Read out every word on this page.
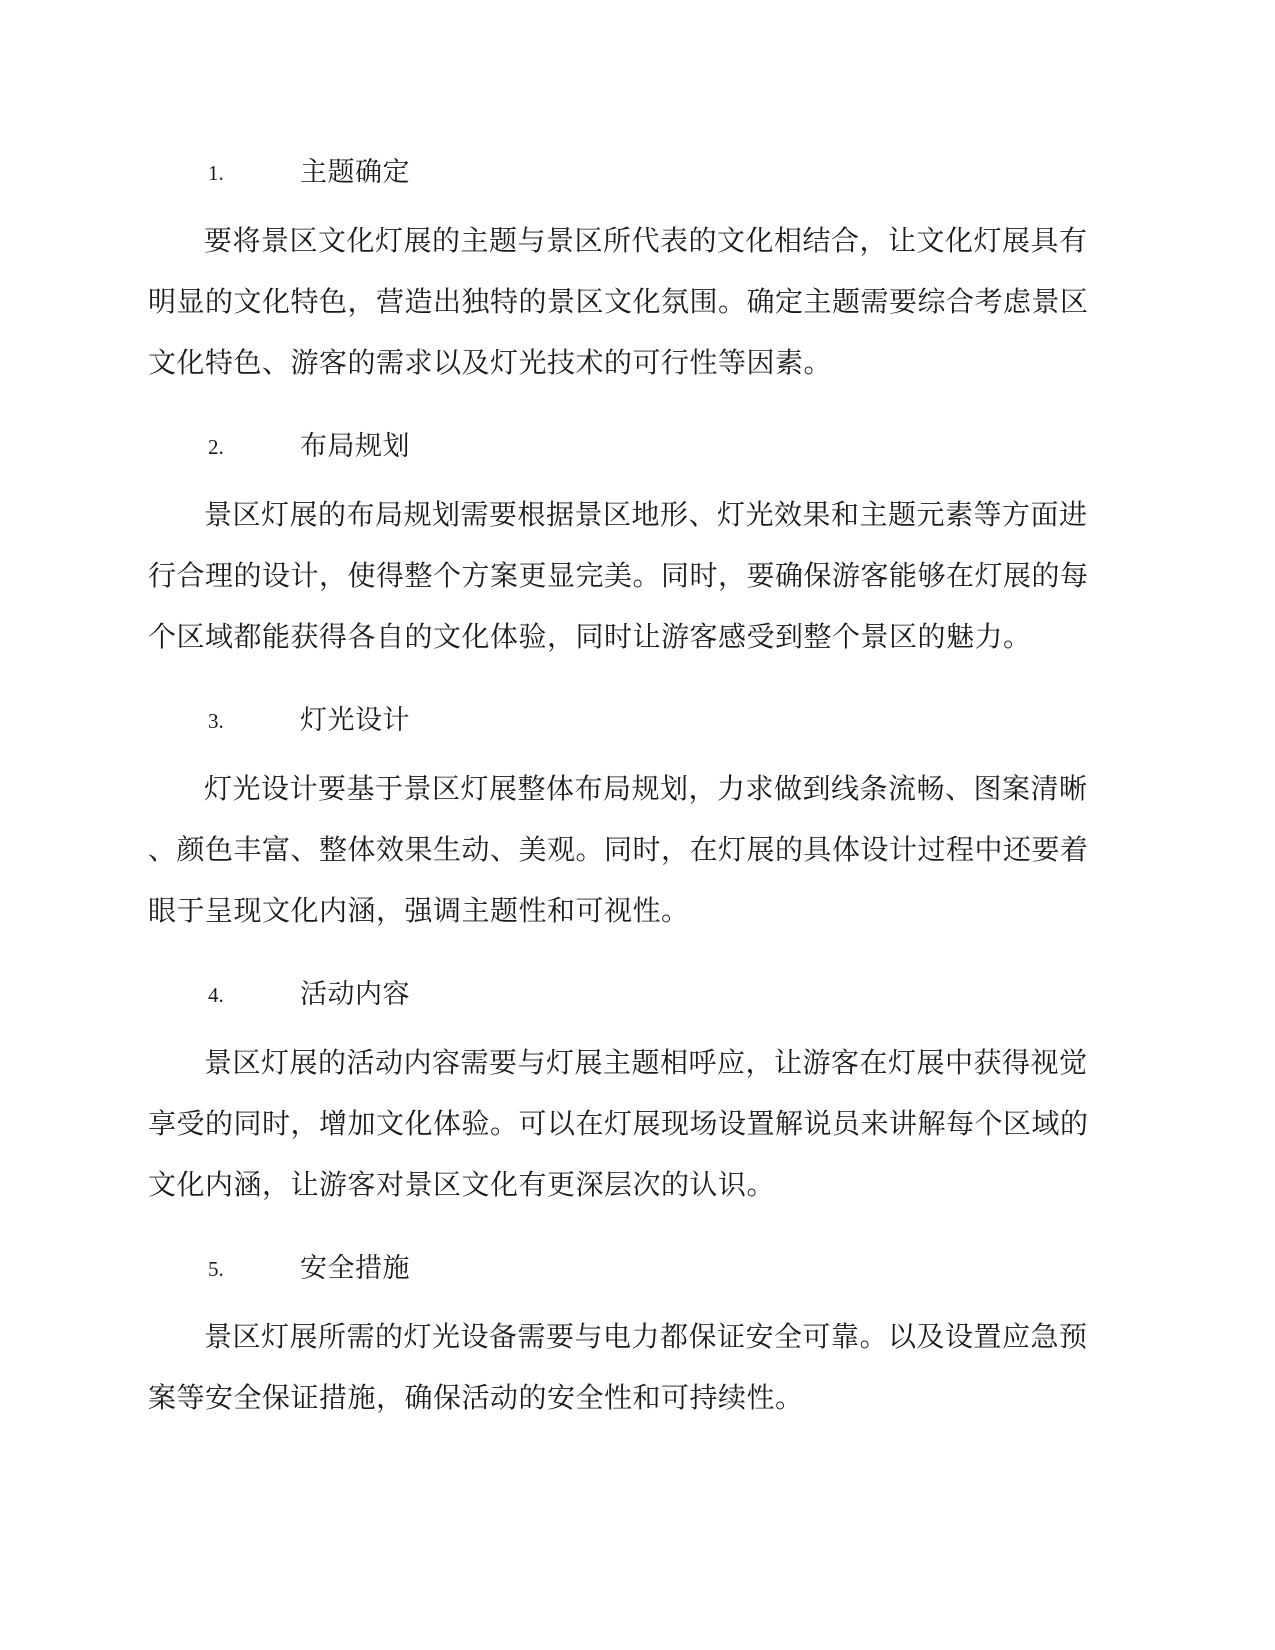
1.	主题确定
要将景区文化灯展的主题与景区所代表的文化相结合，让文化灯展具有
明显的文化特色，营造出独特的景区文化氛围。确定主题需要综合考虑景区
文化特色、游客的需求以及灯光技术的可行性等因素。
2.	布局规划
景区灯展的布局规划需要根据景区地形、灯光效果和主题元素等方面进
行合理的设计，使得整个方案更显完美。同时，要确保游客能够在灯展的每
个区域都能获得各自的文化体验，同时让游客感受到整个景区的魅力。
3.	灯光设计
灯光设计要基于景区灯展整体布局规划，力求做到线条流畅、图案清晰
、颜色丰富、整体效果生动、美观。同时，在灯展的具体设计过程中还要着
眼于呈现文化内涵，强调主题性和可视性。
4.	活动内容
景区灯展的活动内容需要与灯展主题相呼应，让游客在灯展中获得视觉
享受的同时，增加文化体验。可以在灯展现场设置解说员来讲解每个区域的
文化内涵，让游客对景区文化有更深层次的认识。
5.	安全措施
景区灯展所需的灯光设备需要与电力都保证安全可靠。以及设置应急预
案等安全保证措施，确保活动的安全性和可持续性。
